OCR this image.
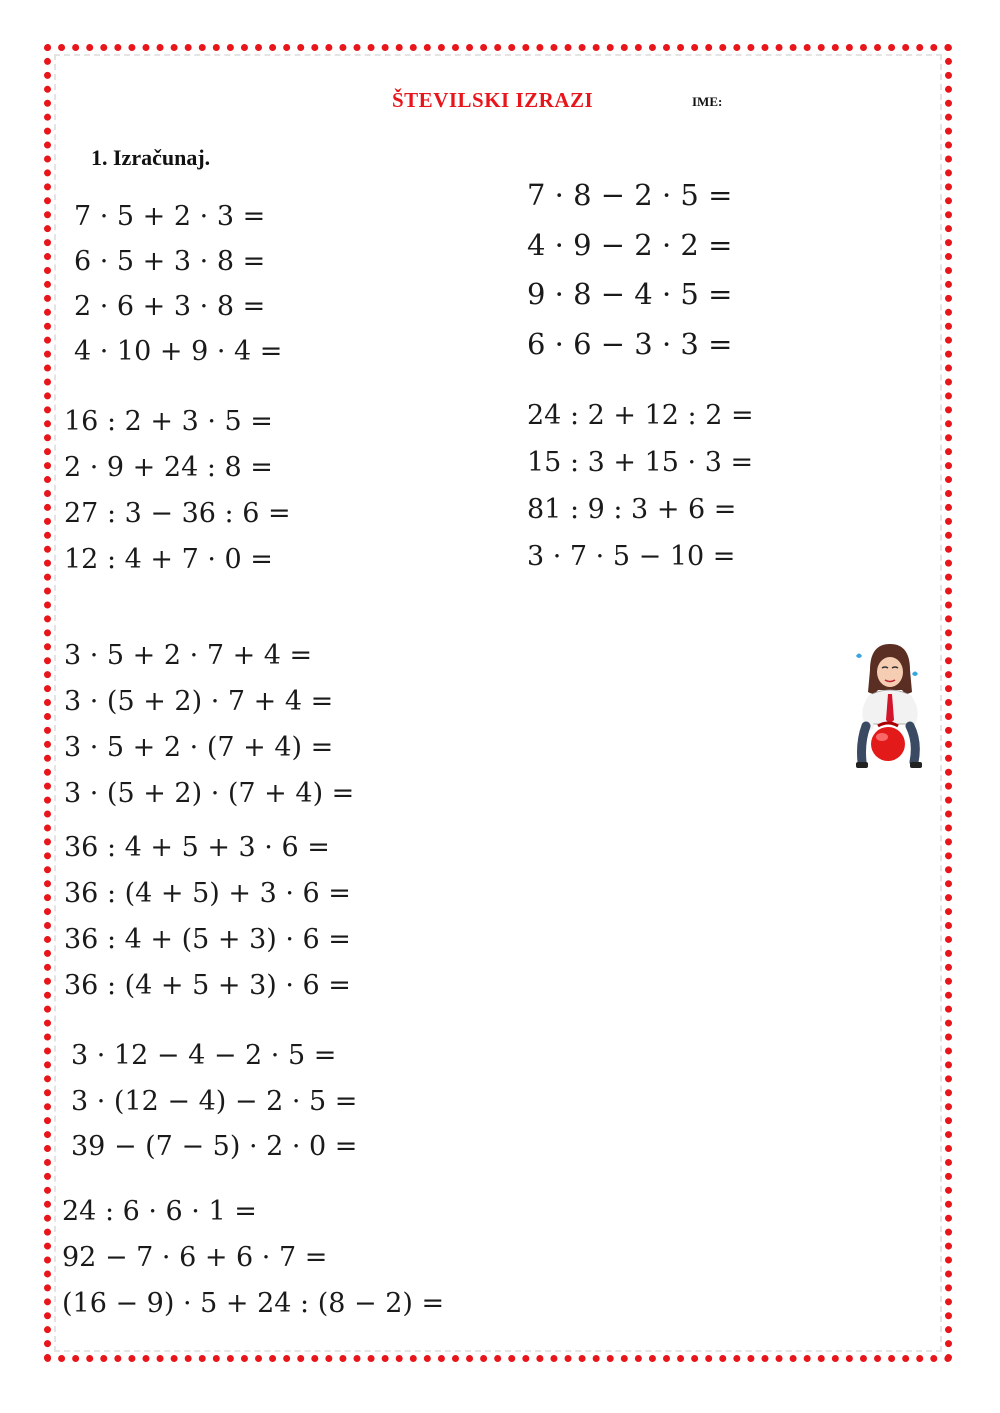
ŠTEVILSKI IZRAZI	IME:
1. Izračunaj.
7 · 5 + 2 · 3 =
6 · 5 + 3 · 8 =
2 · 6 + 3 · 8 =
4 · 10 + 9 · 4 =
7 · 8 − 2 · 5 =
4 · 9 − 2 · 2 =
9 · 8 − 4 · 5 =
6 · 6 − 3 · 3 =
16 : 2 + 3 · 5 =
2 · 9 + 24 : 8 =
27 : 3 − 36 : 6 =
12 : 4 + 7 · 0 =
24 : 2 + 12 : 2 =
15 : 3 + 15 · 3 =
81 : 9 : 3 + 6 =
3 · 7 · 5 − 10 =
3 · 5 + 2 · 7 + 4 =
3 · (5 + 2) · 7 + 4 =
3 · 5 + 2 · (7 + 4) =
3 · (5 + 2) · (7 + 4) =
36 : 4 + 5 + 3 · 6 =
36 : (4 + 5) + 3 · 6 =
36 : 4 + (5 + 3) · 6 =
36 : (4 + 5 + 3) · 6 =
3 · 12 − 4 − 2 · 5 =
3 · (12 − 4) − 2 · 5 =
39 − (7 − 5) · 2 · 0 =
24 : 6 · 6 · 1 =
92 − 7 · 6 + 6 · 7 =
(16 − 9) · 5 + 24 : (8 − 2) =
